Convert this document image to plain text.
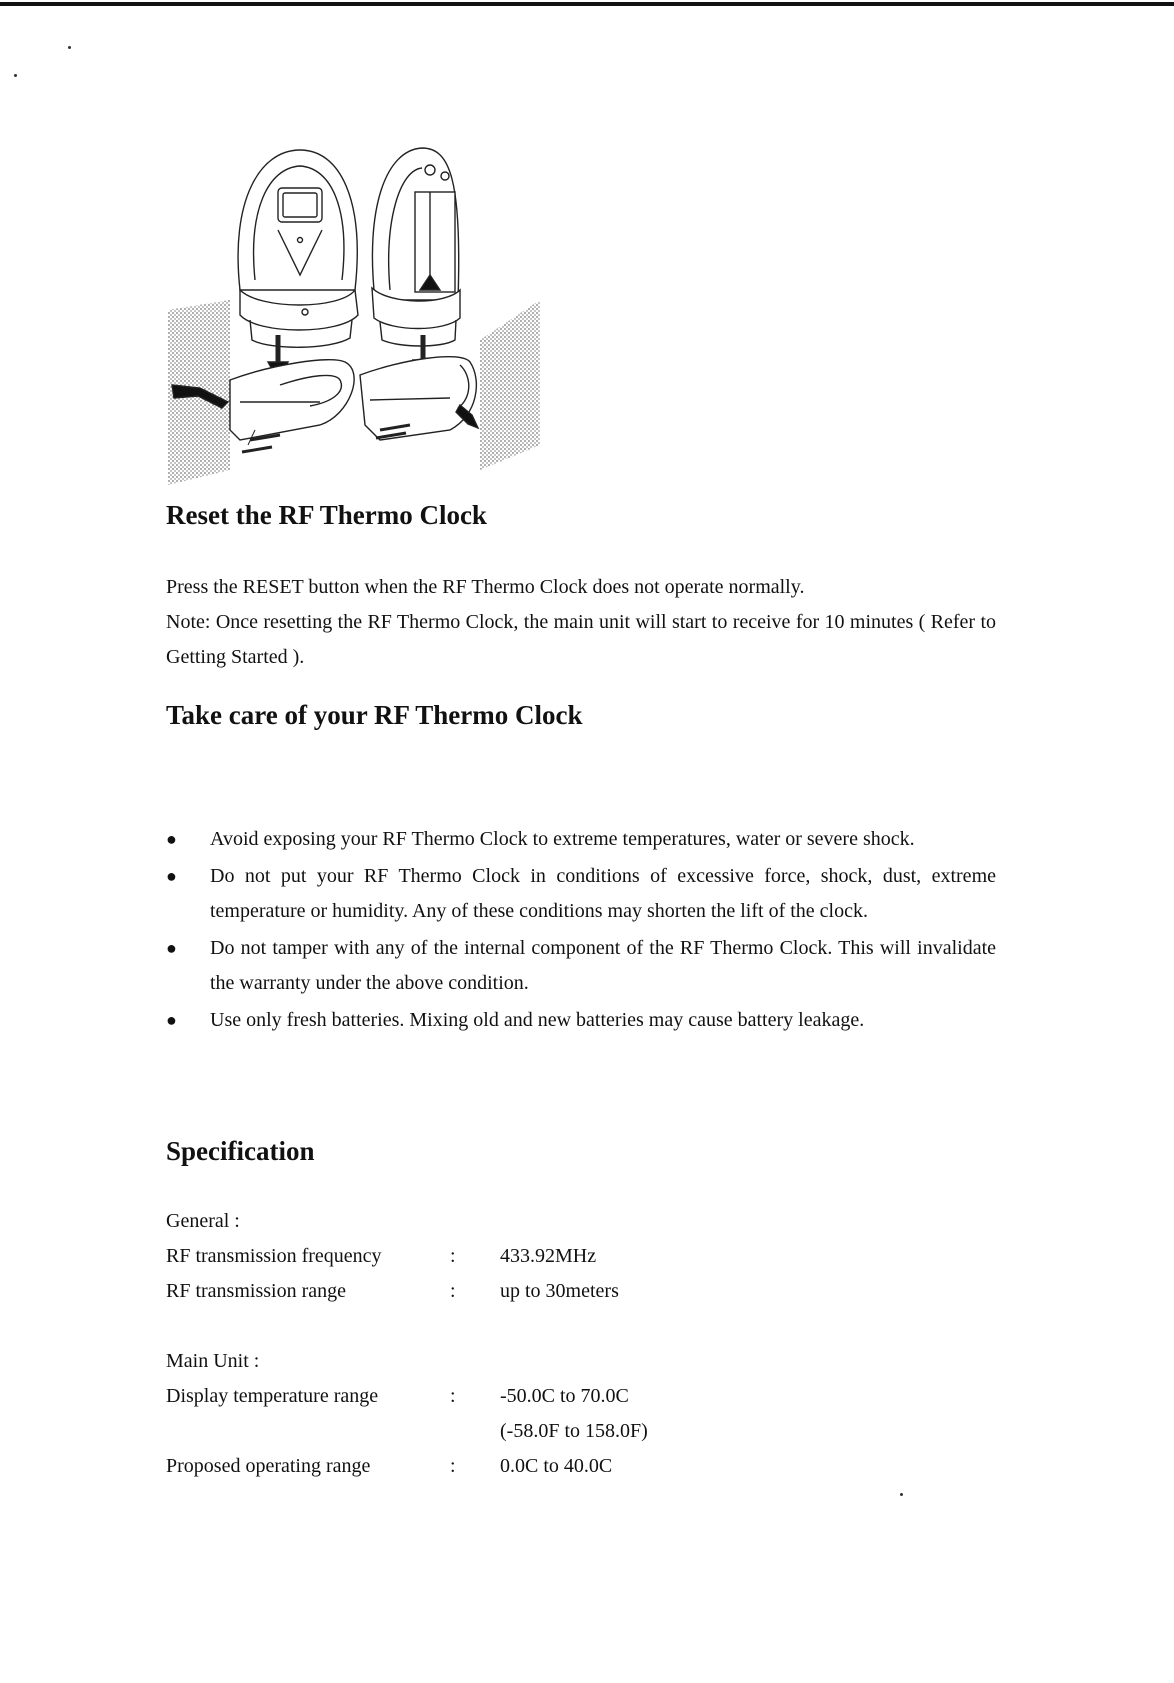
Reset the RF Thermo Clock

Press the RESET button when the RF Thermo Clock does not operate normally.

Note: Once resetting the RF Thermo Clock, the main unit will start to receive for 10 minutes ( Refer to Getting Started ).

Take care of your RF Thermo Clock
● Avoid exposing your RF Thermo Clock to extreme temperatures, water or severe shock.
● Do not put your RF Thermo Clock in conditions of excessive force, shock, dust, extreme temperature or humidity. Any of these conditions may shorten the lift of the clock.
● Do not tamper with any of the internal component of the RF Thermo Clock. This will invalidate the warranty under the above condition.
● Use only fresh batteries. Mixing old and new batteries may cause battery leakage.
Specification
General :
RF transmission frequency	: 433.92MHz
RF transmission range	: up to 30meters
Main Unit :
Display temperature range	: -50.0C to 70.0C
(-58.0F to 158.0F)
Proposed operating range	: 0.0C to 40.0C
